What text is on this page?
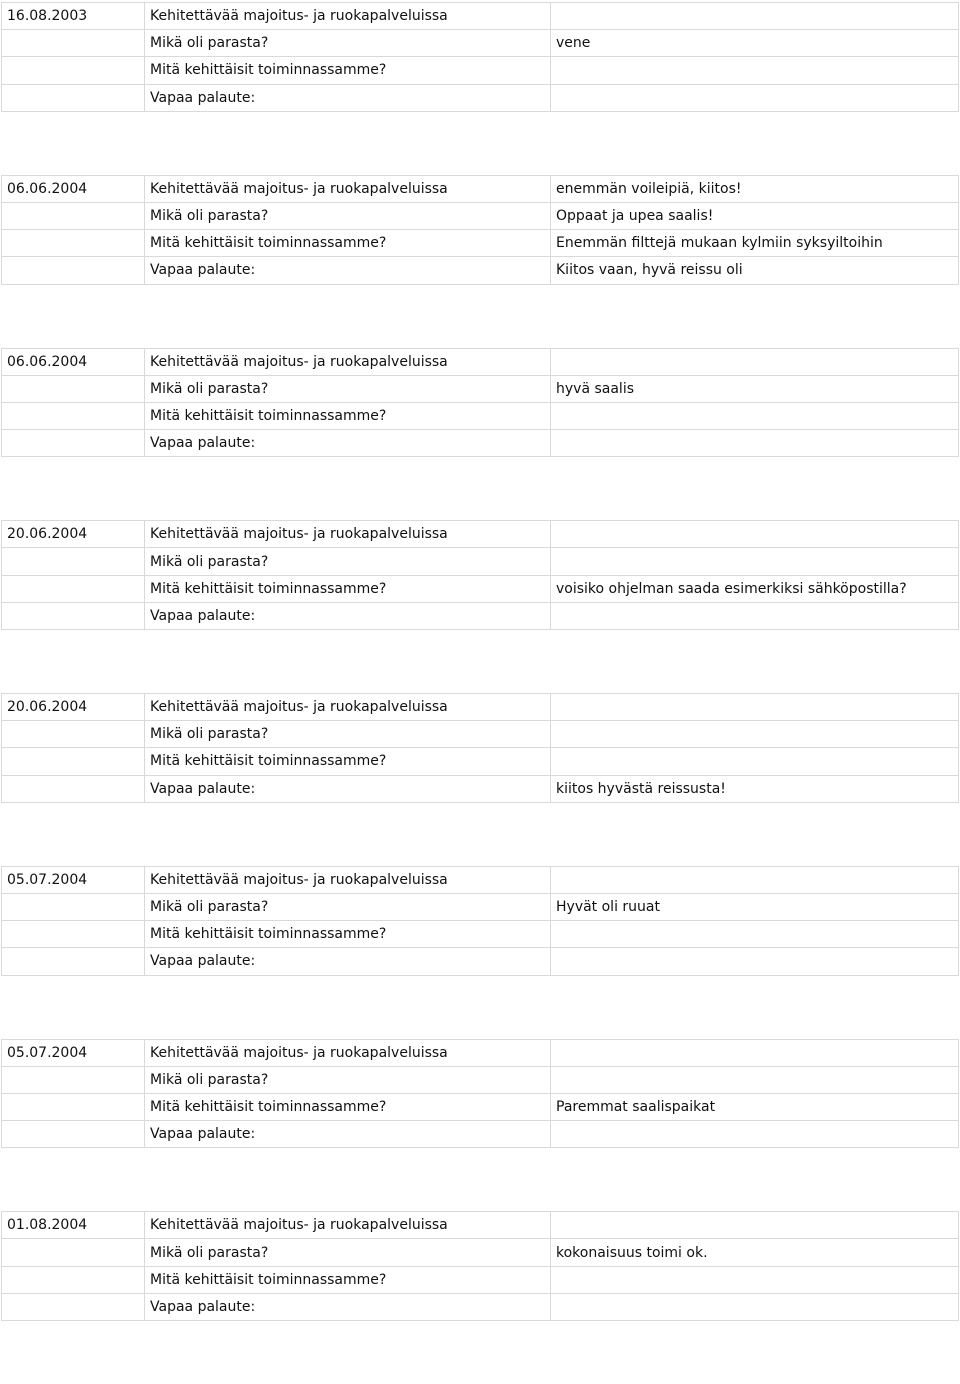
16.08.2003	Kehitettävää majoitus- ja ruokapalveluissa	
	Mikä oli parasta?	vene
	Mitä kehittäisit toiminnassamme?	
	Vapaa palaute:	
06.06.2004	Kehitettävää majoitus- ja ruokapalveluissa	enemmän voileipiä, kiitos!
	Mikä oli parasta?	Oppaat ja upea saalis!
	Mitä kehittäisit toiminnassamme?	Enemmän filttejä mukaan kylmiin syksyiltoihin
	Vapaa palaute:	Kiitos vaan, hyvä reissu oli
06.06.2004	Kehitettävää majoitus- ja ruokapalveluissa	
	Mikä oli parasta?	hyvä saalis
	Mitä kehittäisit toiminnassamme?	
	Vapaa palaute:	
20.06.2004	Kehitettävää majoitus- ja ruokapalveluissa	
	Mikä oli parasta?	
	Mitä kehittäisit toiminnassamme?	voisiko ohjelman saada esimerkiksi sähköpostilla?
	Vapaa palaute:	
20.06.2004	Kehitettävää majoitus- ja ruokapalveluissa	
	Mikä oli parasta?	
	Mitä kehittäisit toiminnassamme?	
	Vapaa palaute:	kiitos hyvästä reissusta!
05.07.2004	Kehitettävää majoitus- ja ruokapalveluissa	
	Mikä oli parasta?	Hyvät oli ruuat
	Mitä kehittäisit toiminnassamme?	
	Vapaa palaute:	
05.07.2004	Kehitettävää majoitus- ja ruokapalveluissa	
	Mikä oli parasta?	
	Mitä kehittäisit toiminnassamme?	Paremmat saalispaikat
	Vapaa palaute:	
01.08.2004	Kehitettävää majoitus- ja ruokapalveluissa	
	Mikä oli parasta?	kokonaisuus toimi ok.
	Mitä kehittäisit toiminnassamme?	
	Vapaa palaute:	
